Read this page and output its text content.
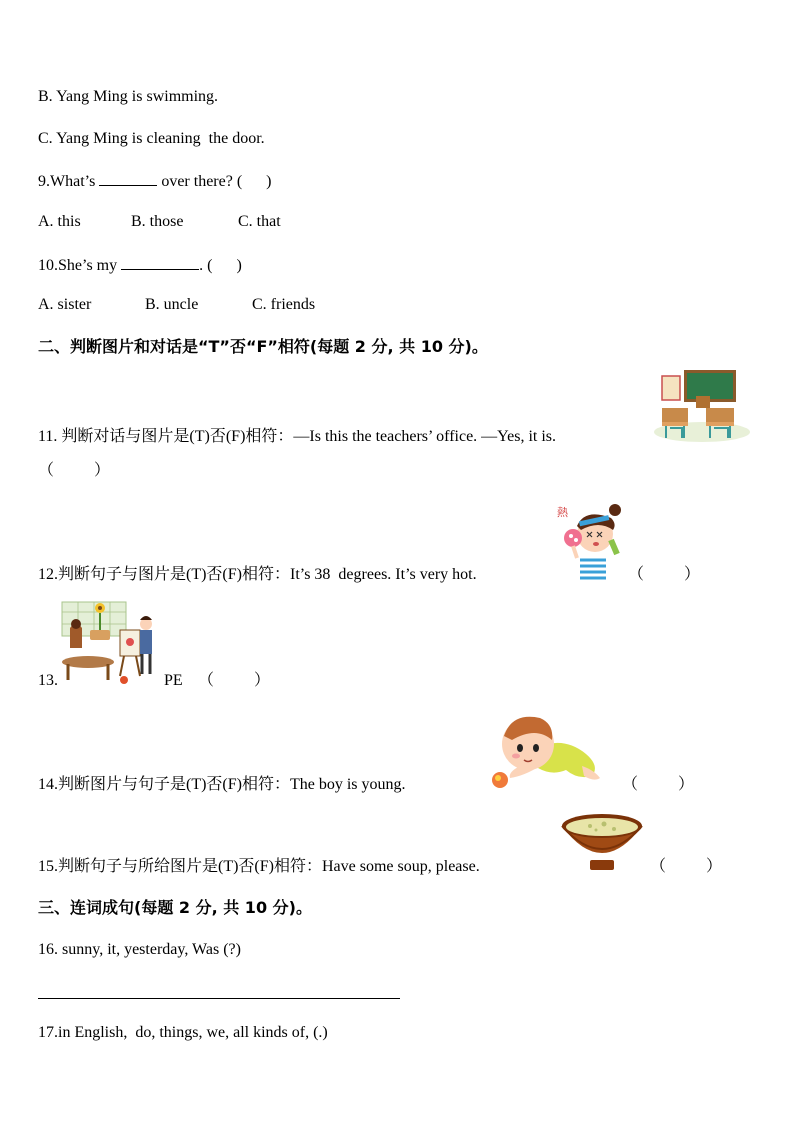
B. Yang Ming is swimming.
C. Yang Ming is cleaning  the door.
9.What’s	over there? (      )
A. this	B. those	C. that
10.She’s my	. (      )
A. sister	B. uncle	C. friends
二、判断图片和对话是“T”否“F”相符(每题 2 分, 共 10 分)。
11. 判断对话与图片是(T)否(F)相符：—Is this the teachers’ office. —Yes, it is.
（          ）
熱
12.判断句子与图片是(T)否(F)相符：It’s 38  degrees. It’s very hot.	（          ）
13.	PE （          ）
14.判断图片与句子是(T)否(F)相符：The boy is young.	（          ）
15.判断句子与所给图片是(T)否(F)相符：Have some soup, please.	（          ）
三、连词成句(每题 2 分, 共 10 分)。
16. sunny, it, yesterday, Was (?)
17.in English,  do, things, we, all kinds of, (.)
